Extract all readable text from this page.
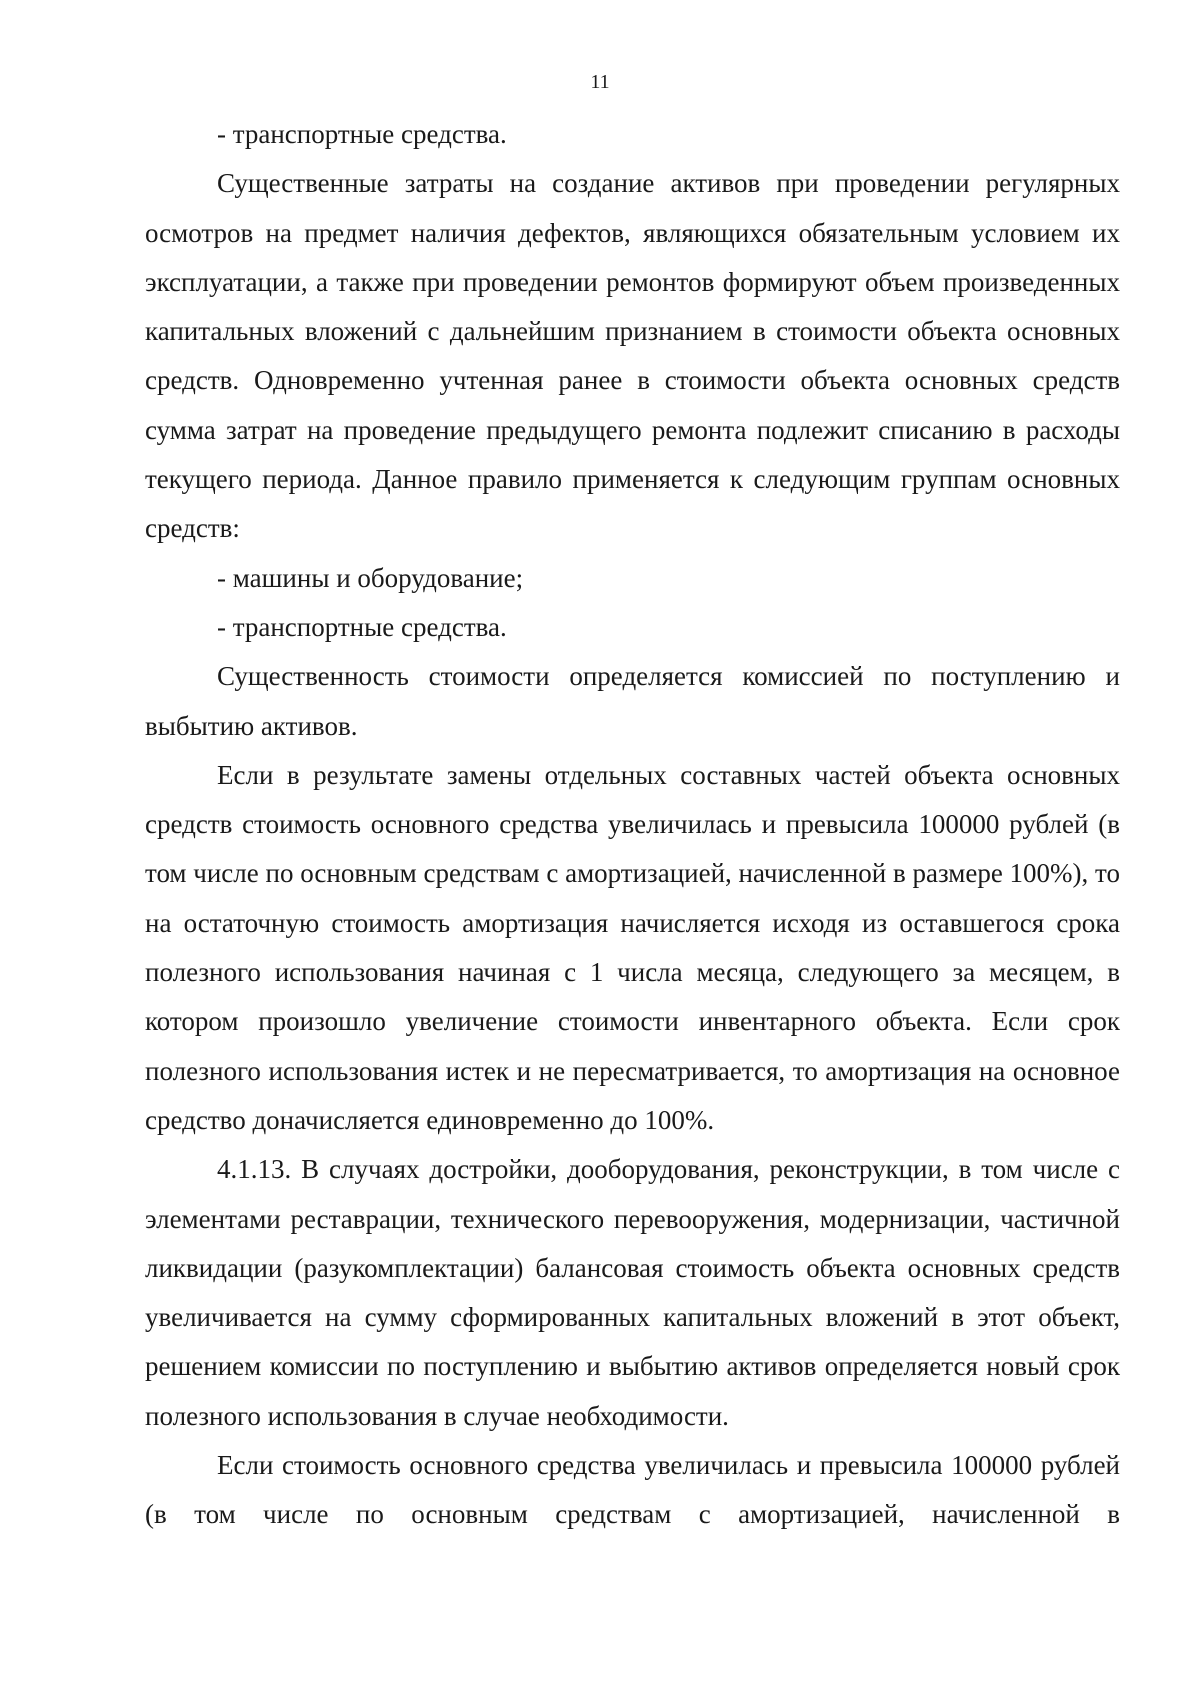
11

- транспортные средства.

Существенные затраты на создание активов при проведении регулярных осмотров на предмет наличия дефектов, являющихся обязательным условием их эксплуатации, а также при проведении ремонтов формируют объем произведенных капитальных вложений с дальнейшим признанием в стоимости объекта основных средств. Одновременно учтенная ранее в стоимости объекта основных средств сумма затрат на проведение предыдущего ремонта подлежит списанию в расходы текущего периода. Данное правило применяется к следующим группам основных средств:

- машины и оборудование;

- транспортные средства.

Существенность стоимости определяется комиссией по поступлению и выбытию активов.

Если в результате замены отдельных составных частей объекта основных средств стоимость основного средства увеличилась и превысила 100000 рублей (в том числе по основным средствам с амортизацией, начисленной в размере 100%), то на остаточную стоимость амортизация начисляется исходя из оставшегося срока полезного использования начиная с 1 числа месяца, следующего за месяцем, в котором произошло увеличение стоимости инвентарного объекта. Если срок полезного использования истек и не пересматривается, то амортизация на основное средство доначисляется единовременно до 100%.

4.1.13. В случаях достройки, дооборудования, реконструкции, в том числе с элементами реставрации, технического перевооружения, модернизации, частичной ликвидации (разукомплектации) балансовая стоимость объекта основных средств увеличивается на сумму сформированных капитальных вложений в этот объект, решением комиссии по поступлению и выбытию активов определяется новый срок полезного использования в случае необходимости.

Если стоимость основного средства увеличилась и превысила 100000 рублей (в том числе по основным средствам с амортизацией, начисленной в
